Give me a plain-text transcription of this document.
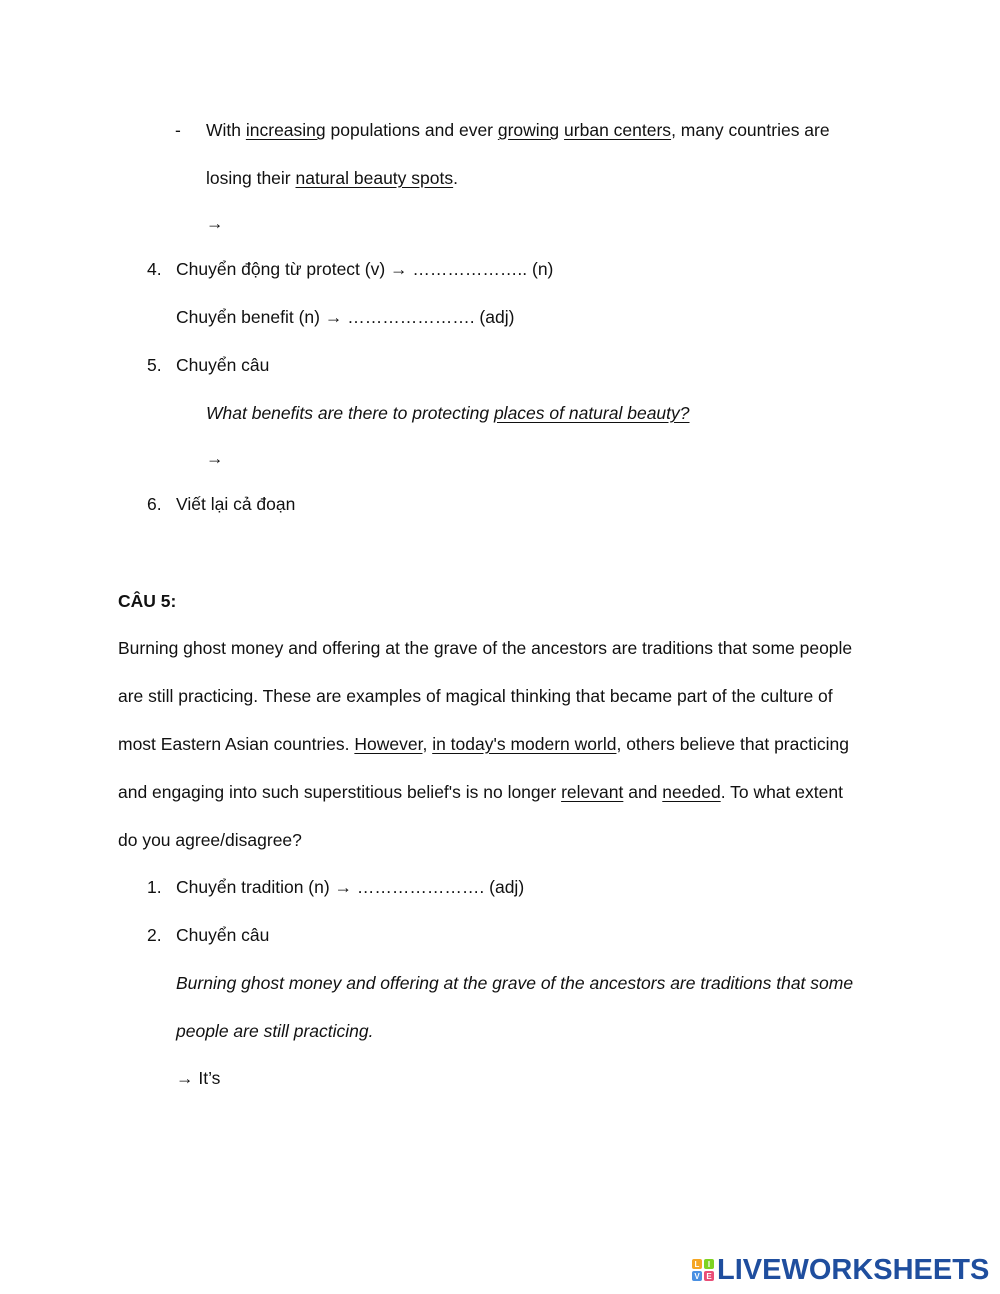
- With increasing populations and ever growing urban centers, many countries are
losing their natural beauty spots.
→
4. Chuyển động từ protect (v) → ……………….. (n)
Chuyển benefit (n) → …………………. (adj)
5. Chuyển câu
What benefits are there to protecting places of natural beauty?
→
6. Viết lại cả đoạn
CÂU 5:
Burning ghost money and offering at the grave of the ancestors are traditions that some people
are still practicing. These are examples of magical thinking that became part of the culture of
most Eastern Asian countries. However, in today's modern world, others believe that practicing
and engaging into such superstitious belief's is no longer relevant and needed. To what extent
do you agree/disagree?
1. Chuyển tradition (n) → …………………. (adj)
2. Chuyển câu
Burning ghost money and offering at the grave of the ancestors are traditions that some
people are still practicing.
→ It’s
L	I
V E LIVEWORKSHEETS
